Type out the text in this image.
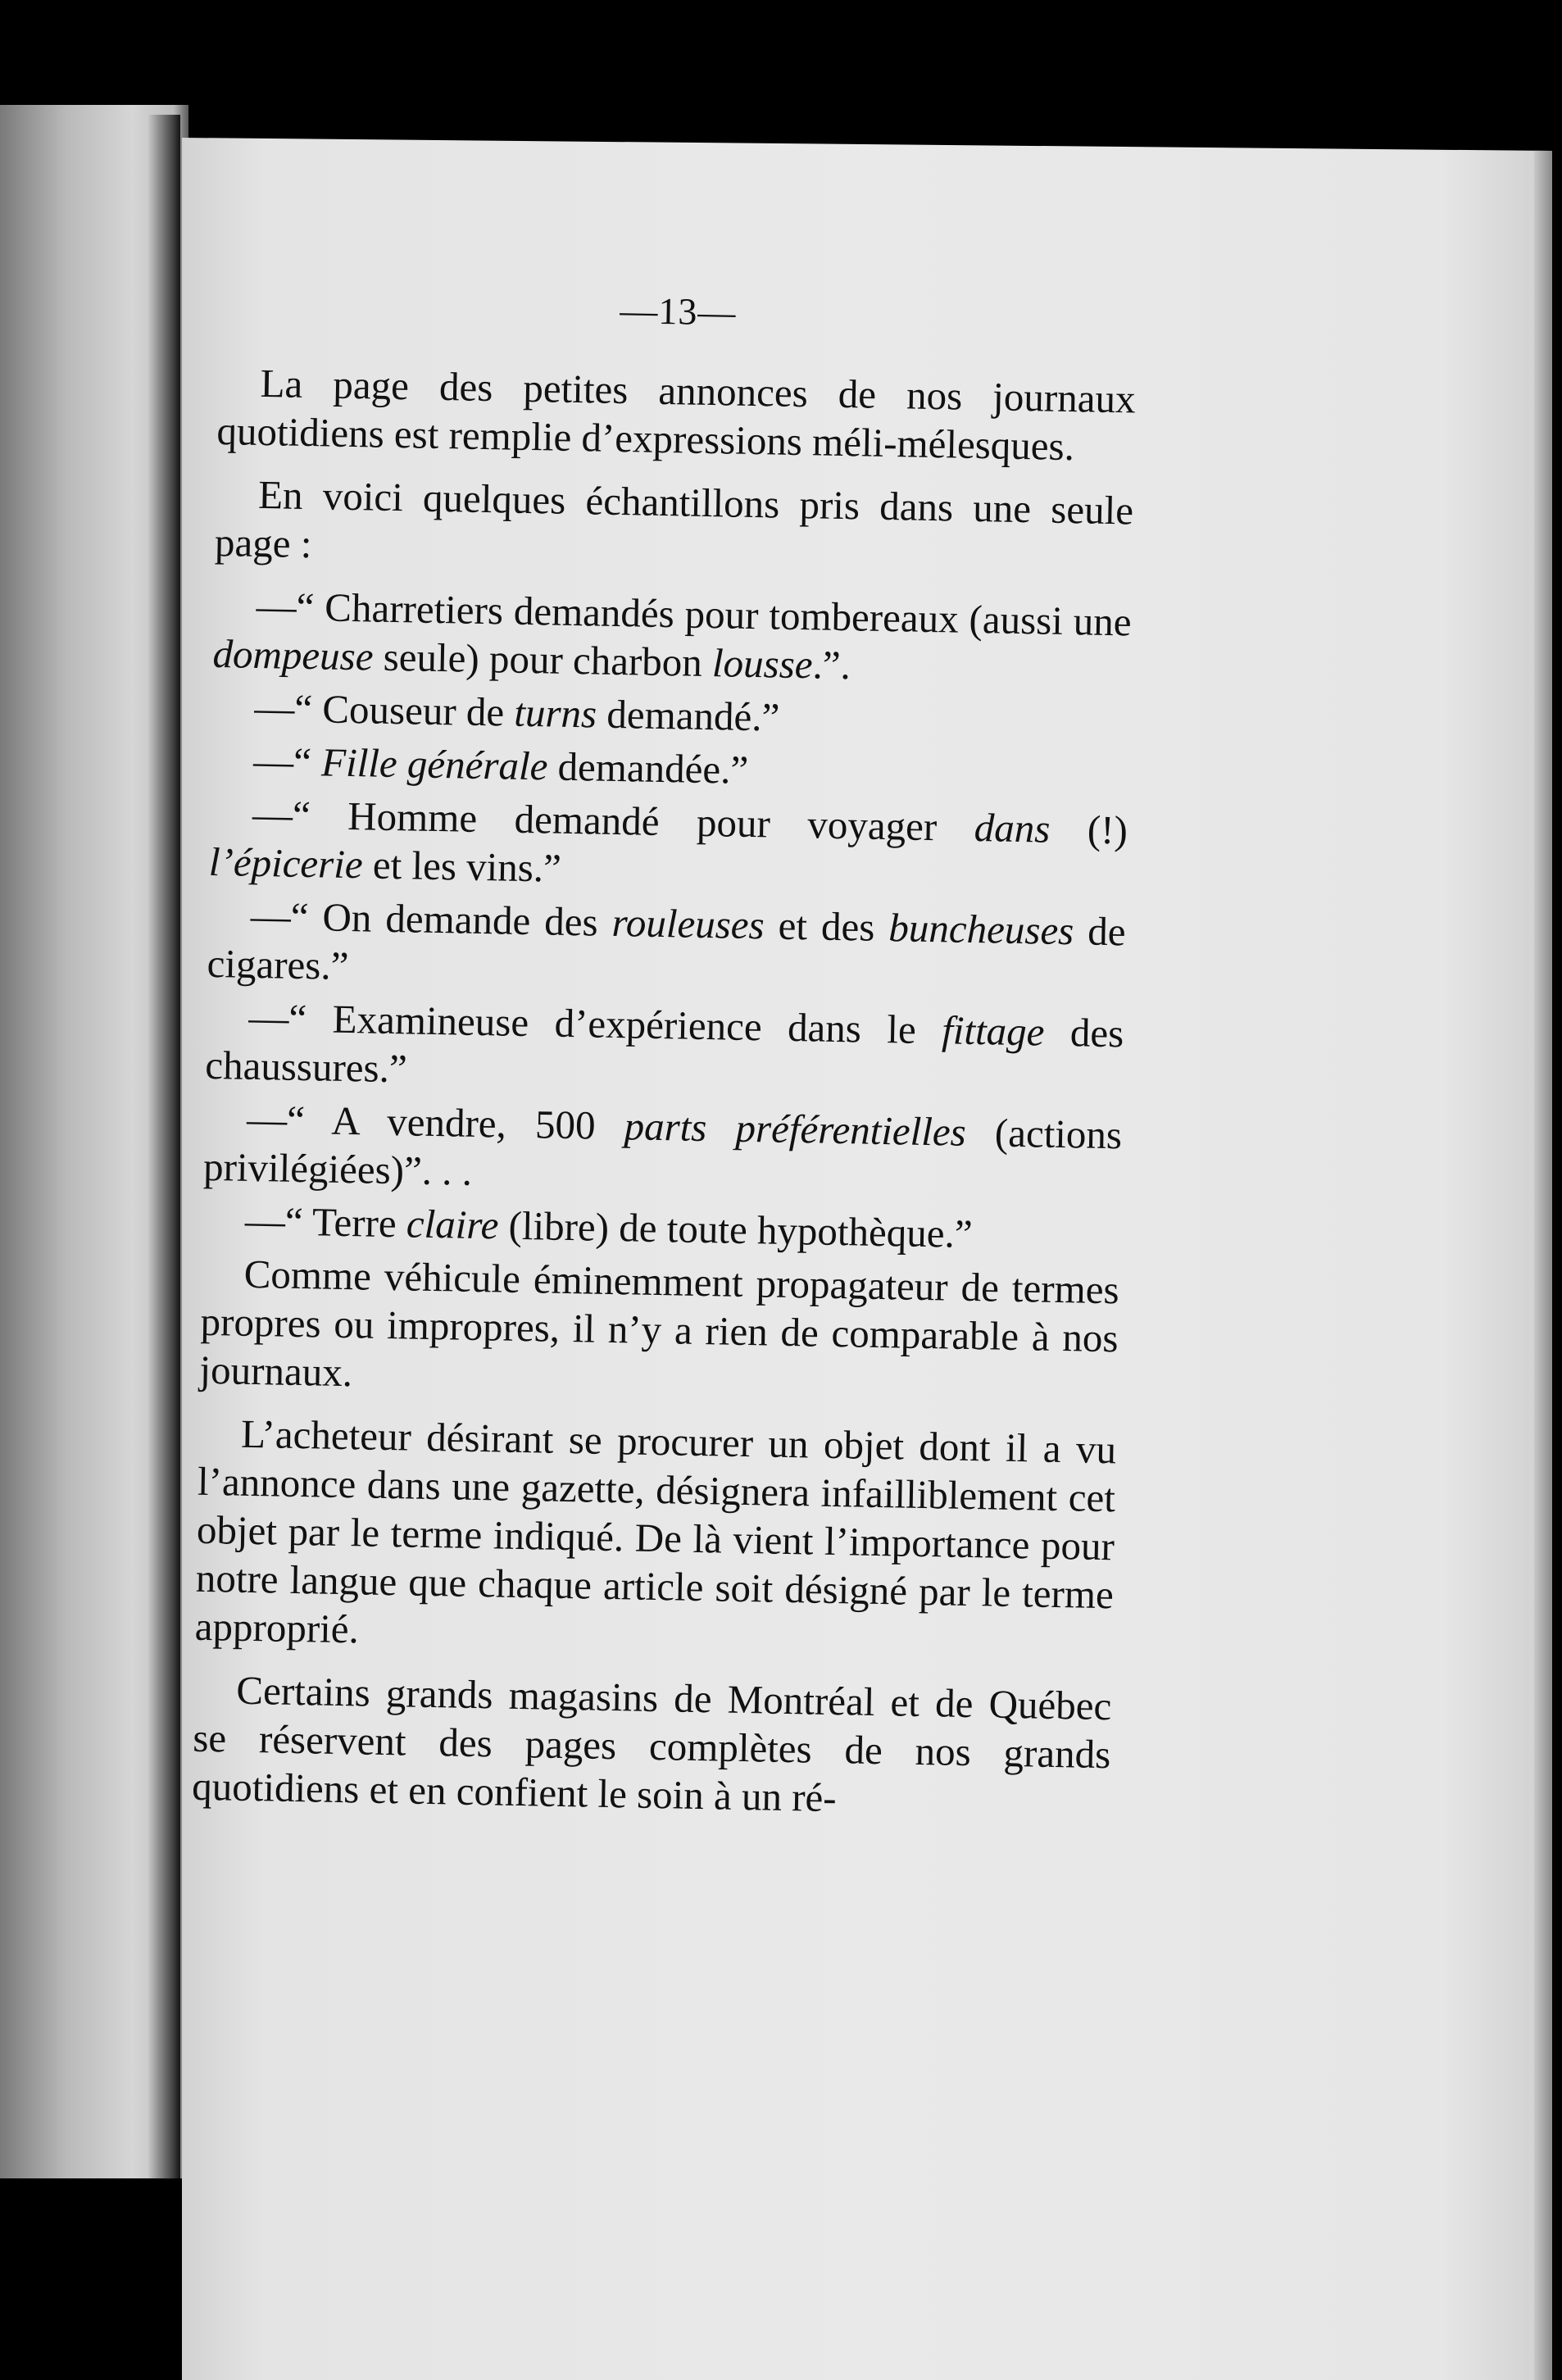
—13—

La page des petites annonces de nos journaux quotidiens est remplie d’expressions méli-mélesques.

En voici quelques échantillons pris dans une seule page :

—“ Charretiers demandés pour tombereaux (aussi une dompeuse seule) pour charbon lousse.”.

—“ Couseur de turns demandé.”

—“ Fille générale demandée.”

—“ Homme demandé pour voyager dans (!) l’épicerie et les vins.”

—“ On demande des rouleuses et des buncheuses de cigares.”

—“ Examineuse d’expérience dans le fittage des chaussures.”

—“ A vendre, 500 parts préférentielles (actions privilégiées)”. . .

—“ Terre claire (libre) de toute hypothèque.”

Comme véhicule éminemment propagateur de termes propres ou impropres, il n’y a rien de comparable à nos journaux.

L’acheteur désirant se procurer un objet dont il a vu l’annonce dans une gazette, désignera infailliblement cet objet par le terme indiqué. De là vient l’importance pour notre langue que chaque article soit désigné par le terme approprié.

Certains grands magasins de Montréal et de Québec se réservent des pages complètes de nos grands quotidiens et en confient le soin à un ré-
